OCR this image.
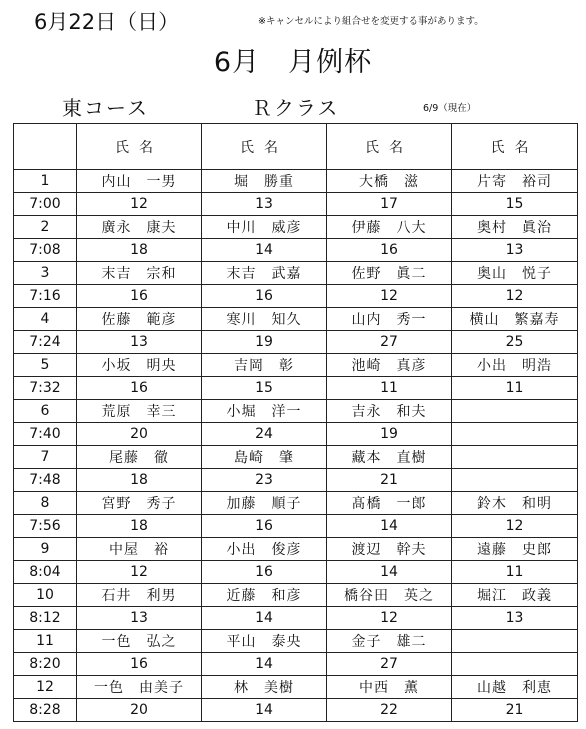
6月22日（日）	※キャンセルにより組合せを変更する事があります。
6月　月例杯
東コース	Ｒクラス	6/9（現在）
	氏名	氏名	氏名	氏名
1	内山　一男	堀　勝重	大橋　滋	片寄　裕司
7:00	12	13	17	15
2	廣永　康夫	中川　威彦	伊藤　八大	奥村　眞治
7:08	18	14	16	13
3	末吉　宗和	末吉　武嘉	佐野　眞二	奥山　悦子
7:16	16	16	12	12
4	佐藤　範彦	寒川　知久	山内　秀一	横山　繁嘉寿
7:24	13	19	27	25
5	小坂　明央	吉岡　彰	池崎　真彦	小出　明浩
7:32	16	15	11	11
6	荒原　幸三	小堀　洋一	吉永　和夫	
7:40	20	24	19	
7	尾藤　徹	島崎　肇	藏本　直樹	
7:48	18	23	21	
8	宮野　秀子	加藤　順子	髙橋　一郎	鈴木　和明
7:56	18	16	14	12
9	中屋　裕	小出　俊彦	渡辺　幹夫	遠藤　史郎
8:04	12	16	14	11
10	石井　利男	近藤　和彦	橋谷田　英之	堀江　政義
8:12	13	14	12	13
11	一色　弘之	平山　泰央	金子　雄二	
8:20	16	14	27	
12	一色　由美子	林　美樹	中西　薫	山越　利恵
8:28	20	14	22	21
